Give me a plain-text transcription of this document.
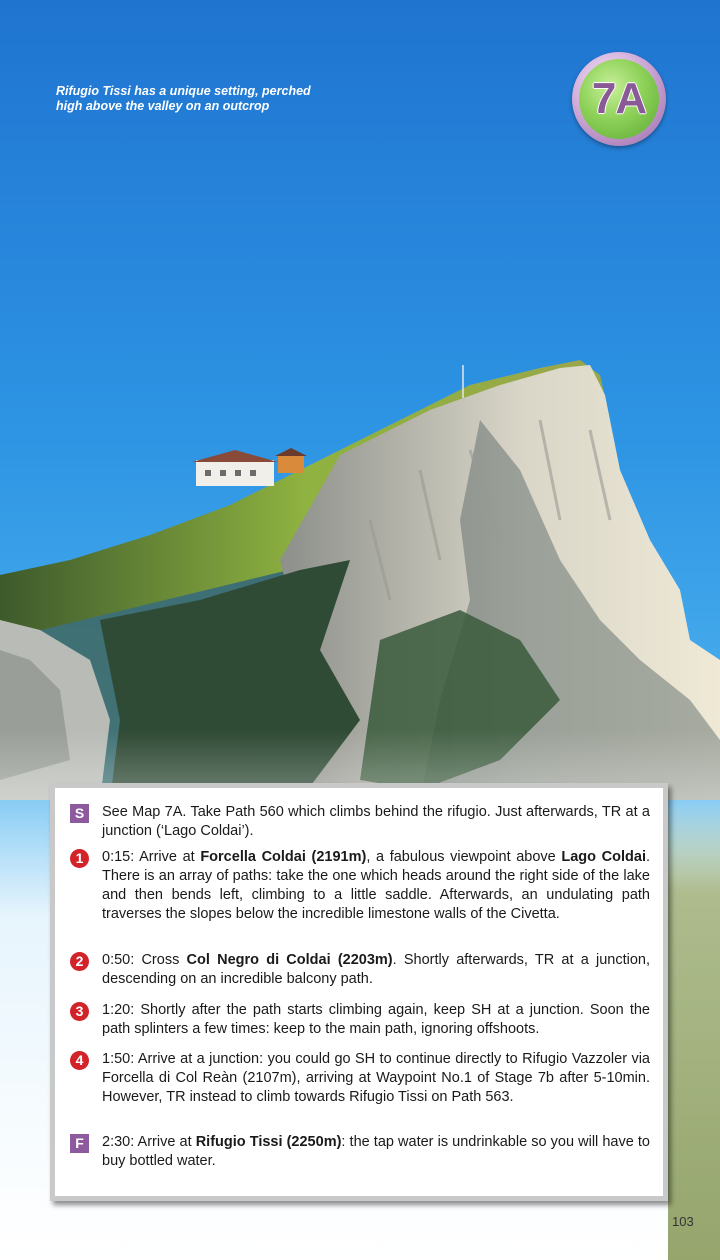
Rifugio Tissi has a unique setting, perched
high above the valley on an outcrop	7A
S	See Map 7A. Take Path 560 which climbs behind the rifugio. Just afterwards, TR at a junction (‘Lago Coldai’).
1	0:15: Arrive at Forcella Coldai (2191m), a fabulous viewpoint above Lago Coldai. There is an array of paths: take the one which heads around the right side of the lake and then bends left, climbing to a little saddle. Afterwards, an undulating path traverses the slopes below the incredible limestone walls of the Civetta.
2	0:50: Cross Col Negro di Coldai (2203m). Shortly afterwards, TR at a junction, descending on an incredible balcony path.
3	1:20: Shortly after the path starts climbing again, keep SH at a junction. Soon the path splinters a few times: keep to the main path, ignoring offshoots.
4	1:50: Arrive at a junction: you could go SH to continue directly to Rifugio Vazzoler via Forcella di Col Reàn (2107m), arriving at Waypoint No.1 of Stage 7b after 5-10min. However, TR instead to climb towards Rifugio Tissi on Path 563.
F	2:30: Arrive at Rifugio Tissi (2250m): the tap water is undrinkable so you will have to buy bottled water.
103
